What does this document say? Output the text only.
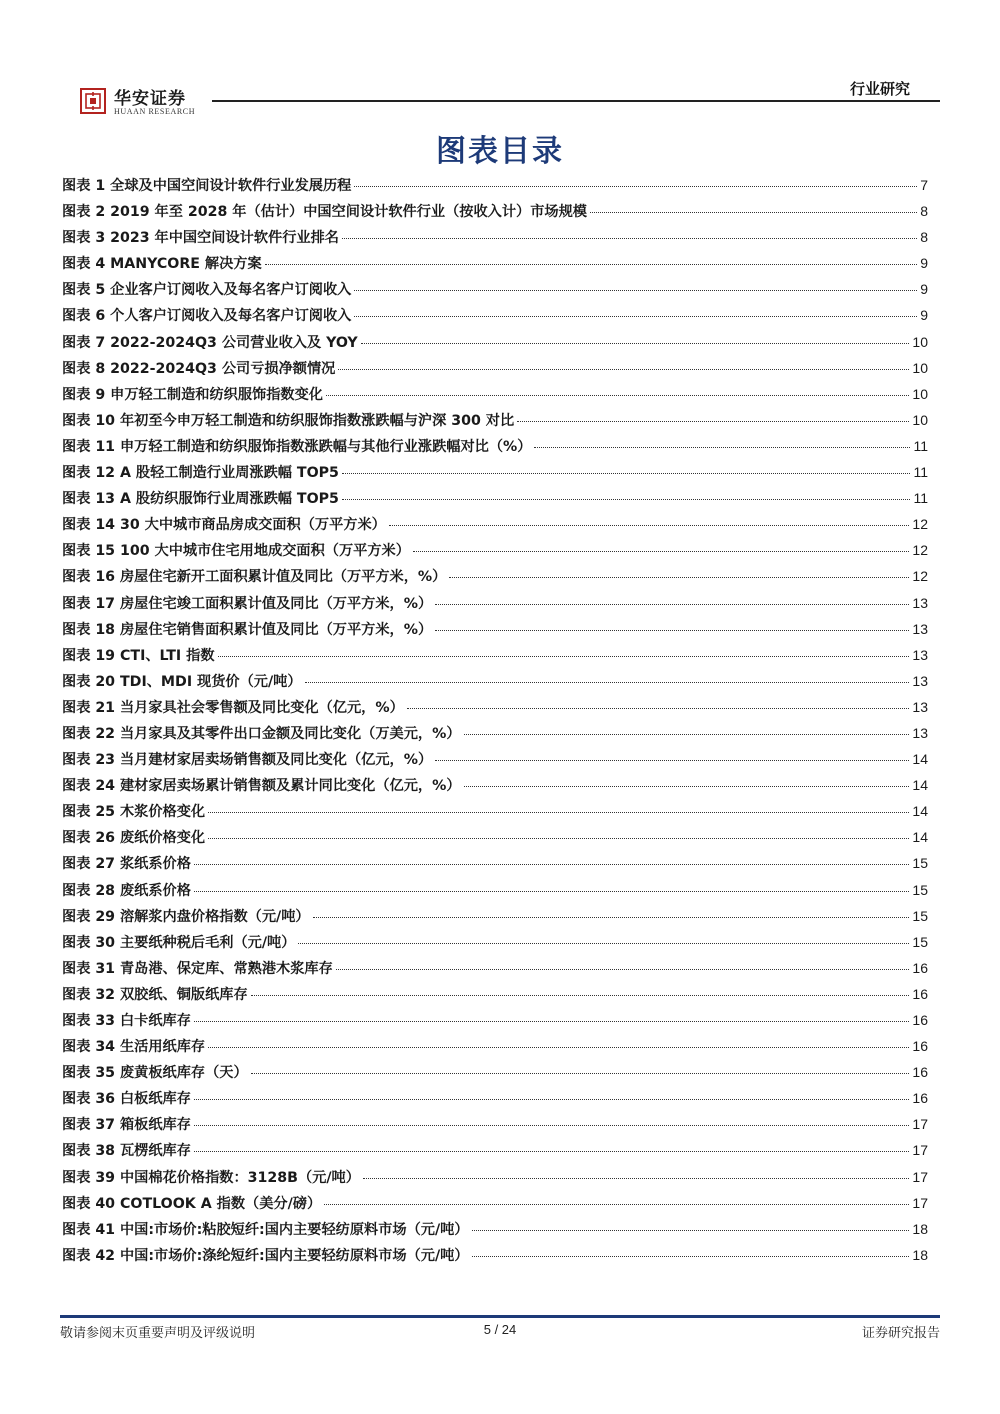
华安证券
HUAAN RESEARCH
行业研究
图表目录
图表 1 全球及中国空间设计软件行业发展历程	7
图表 2 2019 年至 2028 年（估计）中国空间设计软件行业（按收入计）市场规模	8
图表 3 2023 年中国空间设计软件行业排名	8
图表 4 MANYCORE 解决方案	9
图表 5 企业客户订阅收入及每名客户订阅收入	9
图表 6 个人客户订阅收入及每名客户订阅收入	9
图表 7 2022-2024Q3 公司营业收入及 YOY	10
图表 8 2022-2024Q3 公司亏损净额情况	10
图表 9 申万轻工制造和纺织服饰指数变化	10
图表 10 年初至今申万轻工制造和纺织服饰指数涨跌幅与沪深 300 对比	10
图表 11 申万轻工制造和纺织服饰指数涨跌幅与其他行业涨跌幅对比（%）	11
图表 12 A 股轻工制造行业周涨跌幅 TOP5	11
图表 13 A 股纺织服饰行业周涨跌幅 TOP5	11
图表 14 30 大中城市商品房成交面积（万平方米）	12
图表 15 100 大中城市住宅用地成交面积（万平方米）	12
图表 16 房屋住宅新开工面积累计值及同比（万平方米，%）	12
图表 17 房屋住宅竣工面积累计值及同比（万平方米，%）	13
图表 18 房屋住宅销售面积累计值及同比（万平方米，%）	13
图表 19 CTI、LTI 指数	13
图表 20 TDI、MDI 现货价（元/吨）	13
图表 21 当月家具社会零售额及同比变化（亿元，%）	13
图表 22 当月家具及其零件出口金额及同比变化（万美元，%）	13
图表 23 当月建材家居卖场销售额及同比变化（亿元，%）	14
图表 24 建材家居卖场累计销售额及累计同比变化（亿元，%）	14
图表 25 木浆价格变化	14
图表 26 废纸价格变化	14
图表 27 浆纸系价格	15
图表 28 废纸系价格	15
图表 29 溶解浆内盘价格指数（元/吨）	15
图表 30 主要纸种税后毛利（元/吨）	15
图表 31 青岛港、保定库、常熟港木浆库存	16
图表 32 双胶纸、铜版纸库存	16
图表 33 白卡纸库存	16
图表 34 生活用纸库存	16
图表 35 废黄板纸库存（天）	16
图表 36 白板纸库存	16
图表 37 箱板纸库存	17
图表 38 瓦楞纸库存	17
图表 39 中国棉花价格指数：3128B（元/吨）	17
图表 40 COTLOOK A 指数（美分/磅）	17
图表 41 中国:市场价:粘胶短纤:国内主要轻纺原料市场（元/吨）	18
图表 42 中国:市场价:涤纶短纤:国内主要轻纺原料市场（元/吨）	18
敬请参阅末页重要声明及评级说明	5 / 24	证券研究报告
